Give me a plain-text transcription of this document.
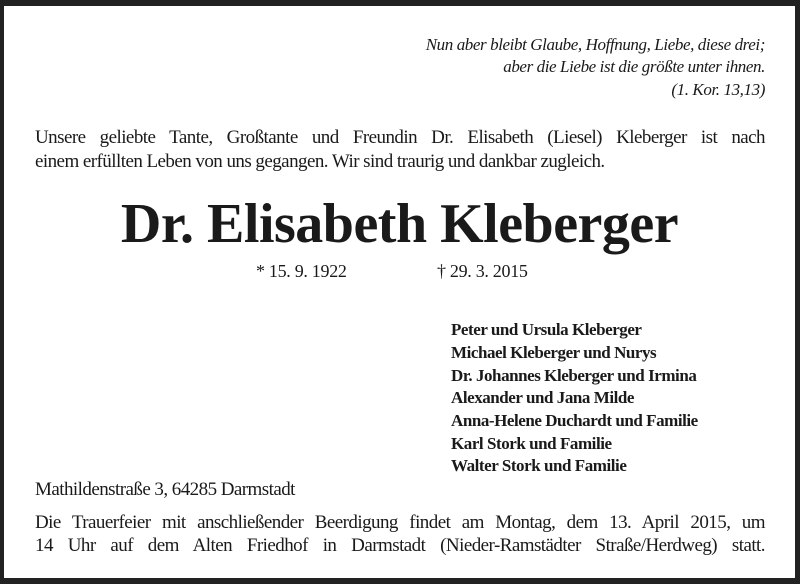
Nun aber bleibt Glaube, Hoffnung, Liebe, diese drei;
aber die Liebe ist die größte unter ihnen.
(1. Kor. 13,13)
Unsere geliebte Tante, Großtante und Freundin Dr. Elisabeth (Liesel) Kleberger ist nach
einem erfüllten Leben von uns gegangen. Wir sind traurig und dankbar zugleich.
Dr. Elisabeth Kleberger
* 15. 9. 1922	† 29. 3. 2015
Peter und Ursula Kleberger
Michael Kleberger und Nurys
Dr. Johannes Kleberger und Irmina
Alexander und Jana Milde
Anna-Helene Duchardt und Familie
Karl Stork und Familie
Walter Stork und Familie
Mathildenstraße 3, 64285 Darmstadt
Die Trauerfeier mit anschließender Beerdigung findet am Montag, dem 13. April 2015, um
14 Uhr auf dem Alten Friedhof in Darmstadt (Nieder-Ramstädter Straße/Herdweg) statt.
